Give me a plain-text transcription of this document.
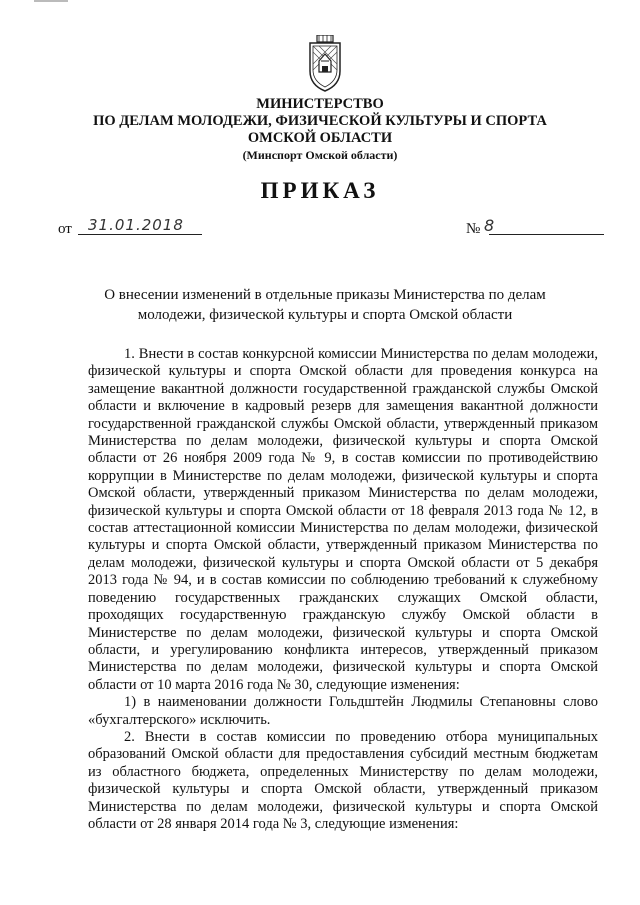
МИНИСТЕРСТВО
ПО ДЕЛАМ МОЛОДЕЖИ, ФИЗИЧЕСКОЙ КУЛЬТУРЫ И СПОРТА
ОМСКОЙ ОБЛАСТИ
(Минспорт Омской области)
ПРИКАЗ
от 31.01.2018	№ 8
О внесении изменений в отдельные приказы Министерства по делам молодежи, физической культуры и спорта Омской области

1. Внести в состав конкурсной комиссии Министерства по делам молодежи, физической культуры и спорта Омской области для проведения конкурса на замещение вакантной должности государственной гражданской службы Омской области и включение в кадровый резерв для замещения вакантной должности государственной гражданской службы Омской области, утвержденный приказом Министерства по делам молодежи, физической культуры и спорта Омской области от 26 ноября 2009 года № 9, в состав комиссии по противодействию коррупции в Министерстве по делам молодежи, физической культуры и спорта Омской области, утвержденный приказом Министерства по делам молодежи, физической культуры и спорта Омской области от 18 февраля 2013 года № 12, в состав аттестационной комиссии Министерства по делам молодежи, физической культуры и спорта Омской области, утвержденный приказом Министерства по делам молодежи, физической культуры и спорта Омской области от 5 декабря 2013 года № 94, и в состав комиссии по соблюдению требований к служебному поведению государственных гражданских служащих Омской области, проходящих государственную гражданскую службу Омской области в Министерстве по делам молодежи, физической культуры и спорта Омской области, и урегулированию конфликта интересов, утвержденный приказом Министерства по делам молодежи, физической культуры и спорта Омской области от 10 марта 2016 года № 30, следующие изменения:

1) в наименовании должности Гольдштейн Людмилы Степановны слово «бухгалтерского» исключить.

2. Внести в состав комиссии по проведению отбора муниципальных образований Омской области для предоставления субсидий местным бюджетам из областного бюджета, определенных Министерству по делам молодежи, физической культуры и спорта Омской области, утвержденный приказом Министерства по делам молодежи, физической культуры и спорта Омской области от 28 января 2014 года № 3, следующие изменения:
